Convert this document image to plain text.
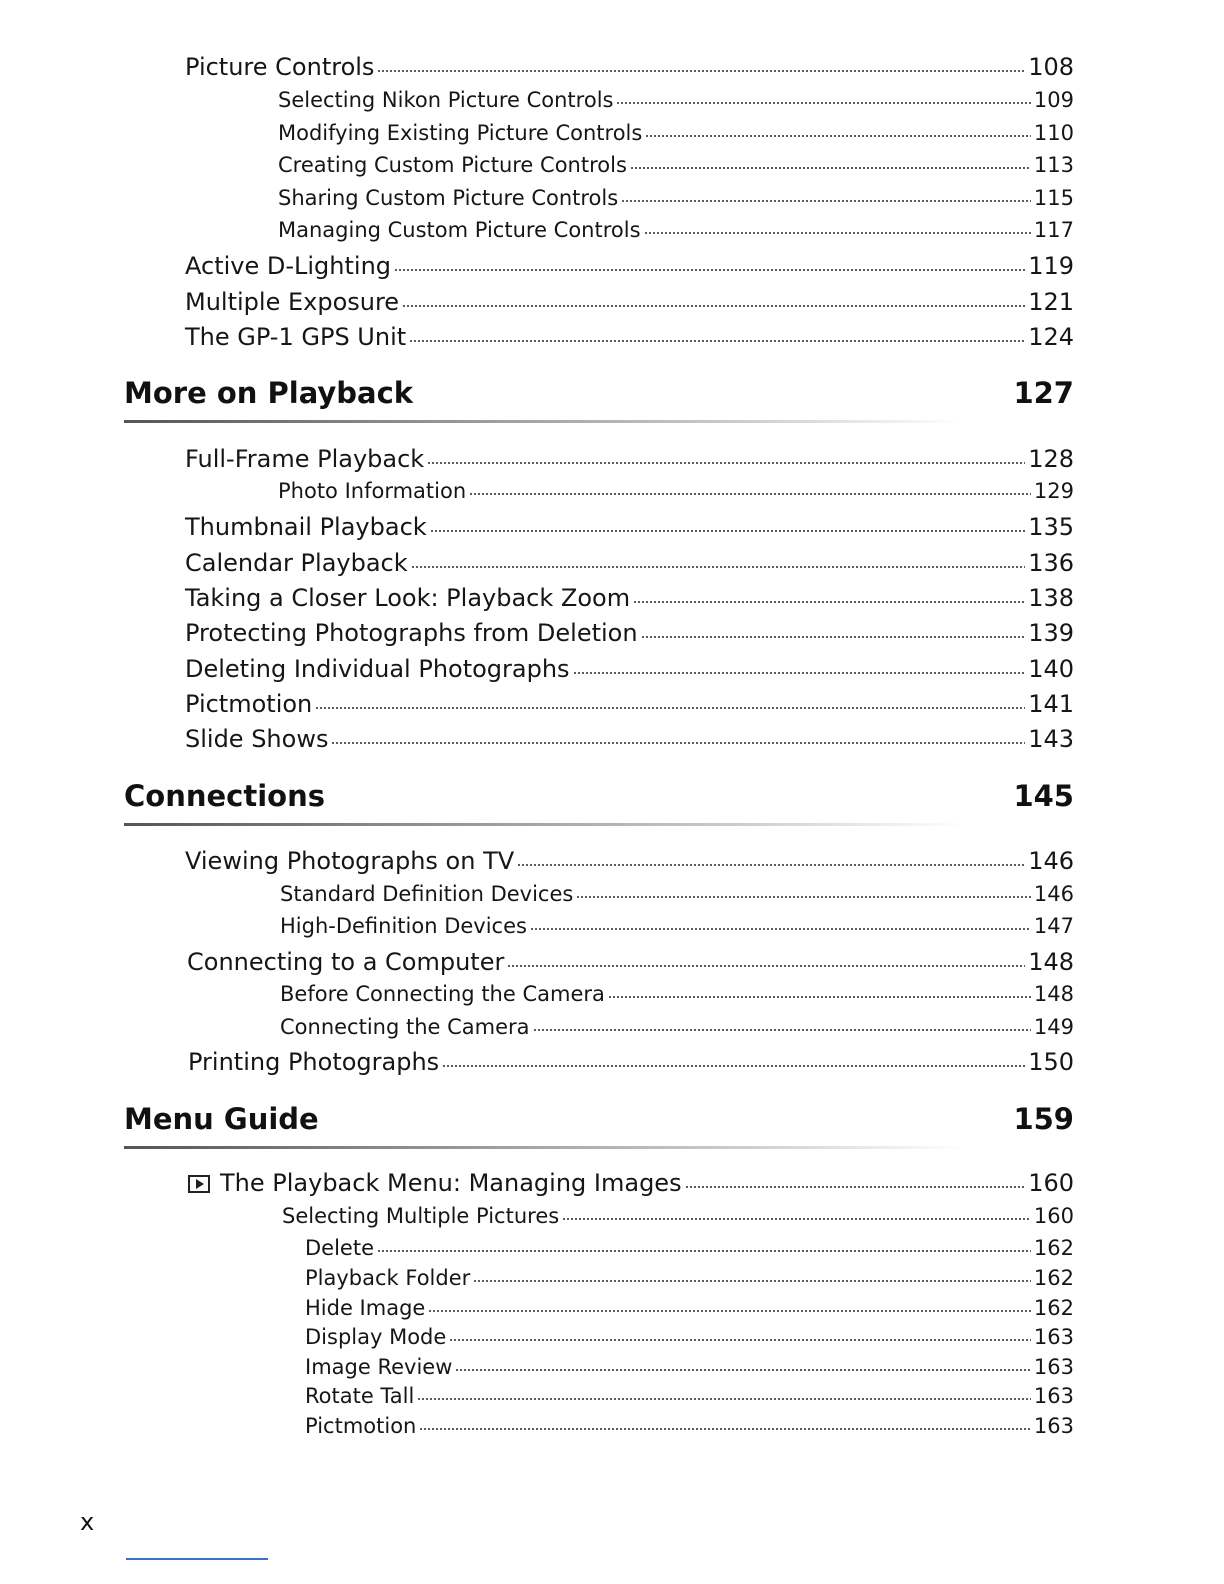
Picture Controls	108
Selecting Nikon Picture Controls	109
Modifying Existing Picture Controls	110
Creating Custom Picture Controls	113
Sharing Custom Picture Controls	115
Managing Custom Picture Controls	117
Active D-Lighting	119
Multiple Exposure	121
The GP-1 GPS Unit	124
More on Playback	127
Full-Frame Playback	128
Photo Information	129
Thumbnail Playback	135
Calendar Playback	136
Taking a Closer Look: Playback Zoom	138
Protecting Photographs from Deletion	139
Deleting Individual Photographs	140
Pictmotion	141
Slide Shows	143
Connections	145
Viewing Photographs on TV	146
Standard Definition Devices	146
High-Definition Devices	147
Connecting to a Computer	148
Before Connecting the Camera	148
Connecting the Camera	149
Printing Photographs	150
Menu Guide	159
The Playback Menu: Managing Images	160
Selecting Multiple Pictures	160
Delete	162
Playback Folder	162
Hide Image	162
Display Mode	163
Image Review	163
Rotate Tall	163
Pictmotion	163
x
